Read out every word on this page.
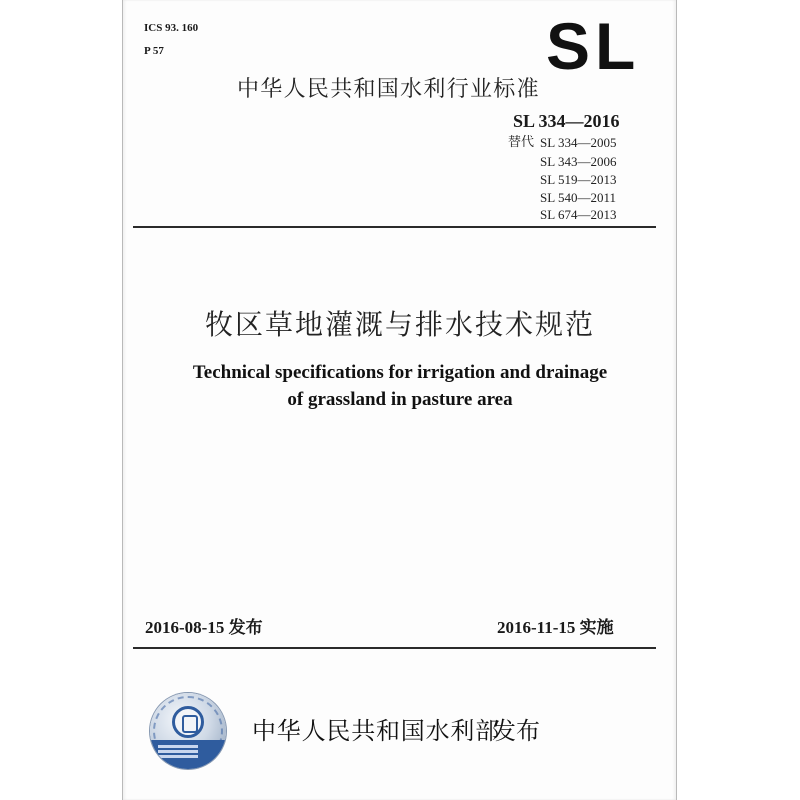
ICS 93. 160
P 57	SL
中华人民共和国水利行业标准
SL 334—2016
替代 SL 334—2005
SL 343—2006
SL 519—2013
SL 540—2011
SL 674—2013
牧区草地灌溉与排水技术规范
Technical specifications for irrigation and drainage
of grassland in pasture area
2016-08-15 发布	2016-11-15 实施
中华人民共和国水利部
发布
